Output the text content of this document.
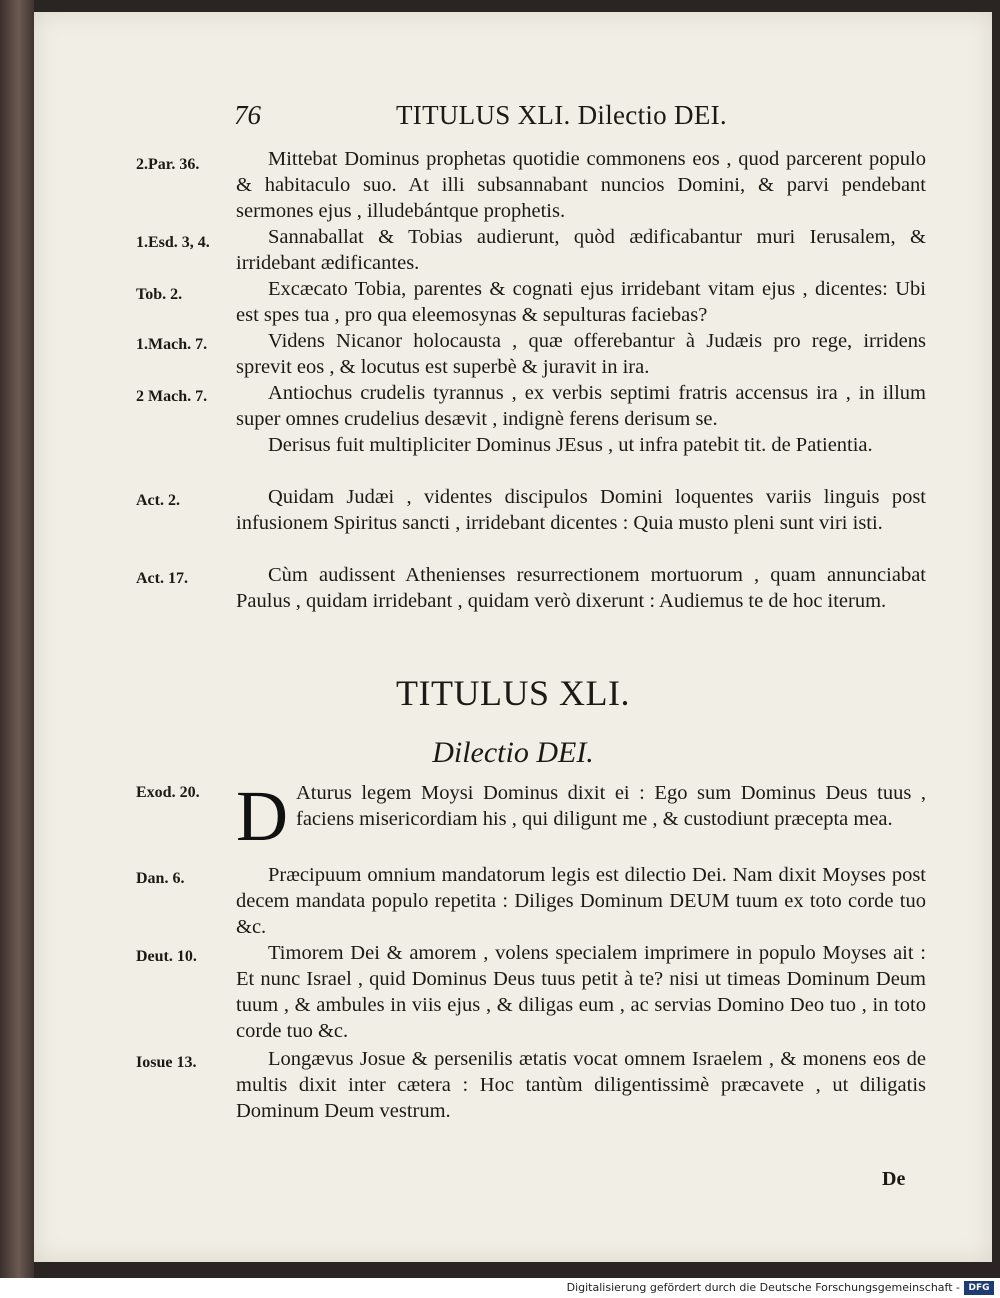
76	TITULUS XLI. Dilectio DEI.
2.Par. 36.	Mittebat Dominus prophetas quotidie commonens eos , quod parcerent populo & habitaculo suo. At illi subsannabant nuncios Domini, & parvi pendebant sermones ejus , illudebántque prophetis.
1.Esd. 3, 4.	Sannaballat & Tobias audierunt, quòd ædificabantur muri Ierusalem, & irridebant ædificantes.
Tob. 2.	Excæcato Tobia, parentes & cognati ejus irridebant vitam ejus , dicentes: Ubi est spes tua , pro qua eleemosynas & sepulturas faciebas?
1.Mach. 7.	Videns Nicanor holocausta , quæ offerebantur à Judæis pro rege, irridens sprevit eos , & locutus est superbè & juravit in ira.
2 Mach. 7.	Antiochus crudelis tyrannus , ex verbis septimi fratris accensus ira , in illum super omnes crudelius desævit , indignè ferens derisum se.
Derisus fuit multipliciter Dominus JEsus , ut infra patebit tit. de Patientia.
Act. 2.	Quidam Judæi , videntes discipulos Domini loquentes variis linguis post infusionem Spiritus sancti , irridebant dicentes : Quia musto pleni sunt viri isti.
Act. 17.	Cùm audissent Athenienses resurrectionem mortuorum , quam annunciabat Paulus , quidam irridebant , quidam verò dixerunt : Audiemus te de hoc iterum.
TITULUS XLI.
Dilectio DEI.
Exod. 20. D Aturus legem Moysi Dominus dixit ei : Ego sum Dominus Deus tuus , faciens misericordiam his , qui diligunt me , & custodiunt præcepta mea.
Dan. 6.	Præcipuum omnium mandatorum legis est dilectio Dei. Nam dixit Moyses post decem mandata populo repetita : Diliges Dominum DEUM tuum ex toto corde tuo &c.
Deut. 10.	Timorem Dei & amorem , volens specialem imprimere in populo Moyses ait : Et nunc Israel , quid Dominus Deus tuus petit à te? nisi ut timeas Dominum Deum tuum , & ambules in viis ejus , & diligas eum , ac servias Domino Deo tuo , in toto corde tuo &c.
Iosue 13.	Longævus Josue & persenilis ætatis vocat omnem Israelem , & monens eos de multis dixit inter cætera : Hoc tantùm diligentissimè præcavete , ut diligatis Dominum Deum vestrum.
De
Digitalisierung gefördert durch die Deutsche Forschungsgemeinschaft - DFG
